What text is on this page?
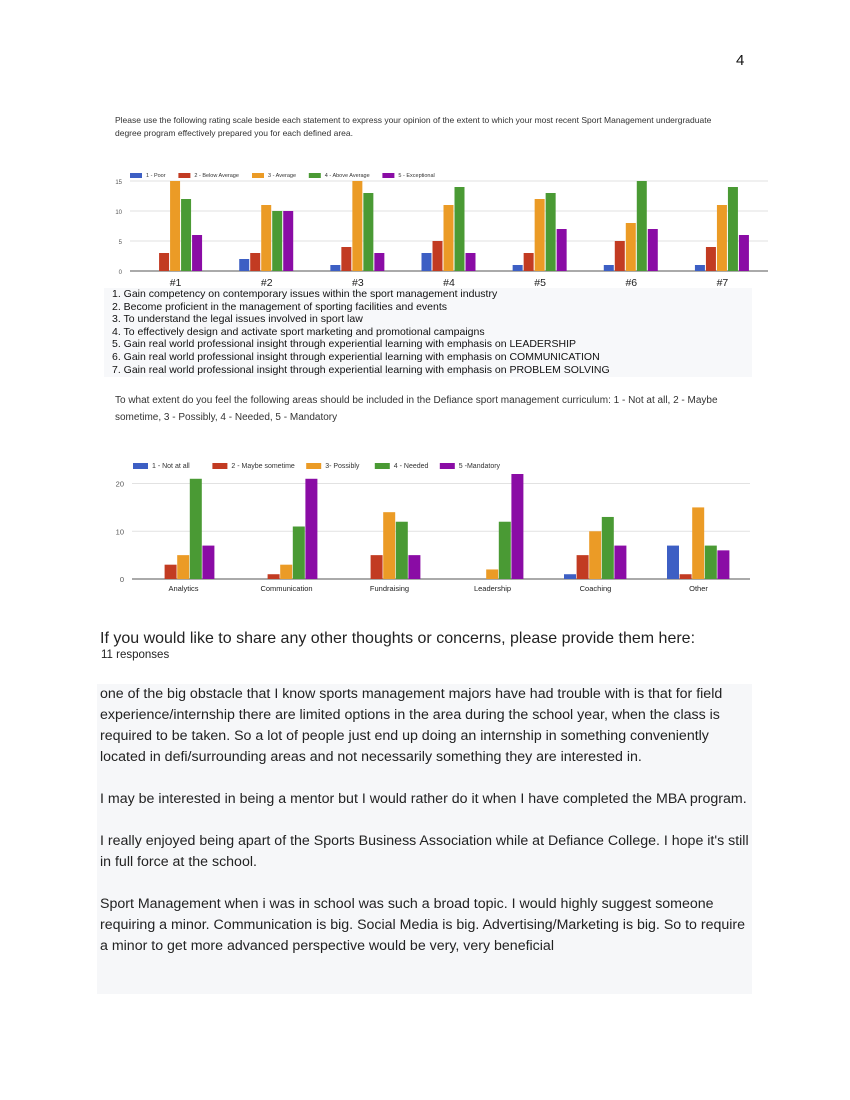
4
Please use the following rating scale beside each statement to express your opinion of the extent to which your most recent Sport Management undergraduate degree program effectively prepared you for each defined area.
0
5
10
15
1 - Poor	2 - Below Average	3 - Average	4 - Above Average	5 - Exceptional
#1	#2	#3	#4	#5	#6	#7
1. Gain competency on contemporary issues within the sport management industry
2. Become proficient in the management of sporting facilities and events
3. To understand the legal issues involved in sport law
4. To effectively design and activate sport marketing and promotional campaigns
5. Gain real world professional insight through experiential learning with emphasis on LEADERSHIP
6. Gain real world professional insight through experiential learning with emphasis on COMMUNICATION
7. Gain real world professional insight through experiential learning with emphasis on PROBLEM SOLVING
To what extent do you feel the following areas should be included in the Defiance sport management curriculum: 1 - Not at all, 2 - Maybe sometime, 3 - Possibly, 4 - Needed, 5 - Mandatory
0
10
20
1 - Not at all	2 - Maybe sometime	3- Possibly	4 - Needed	5 -Mandatory
Analytics	Communication	Fundraising	Leadership	Coaching	Other
If you would like to share any other thoughts or concerns, please provide them here:
11 responses

one of the big obstacle that I know sports management majors have had trouble with is that for field experience/internship there are limited options in the area during the school year, when the class is required to be taken. So a lot of people just end up doing an internship in something conveniently located in defi/surrounding areas and not necessarily something they are interested in.

I may be interested in being a mentor but I would rather do it when I have completed the MBA program.

I really enjoyed being apart of the Sports Business Association while at Defiance College. I hope it's still in full force at the school.

Sport Management when i was in school was such a broad topic. I would highly suggest someone requiring a minor. Communication is big. Social Media is big. Advertising/Marketing is big. So to require a minor to get more advanced perspective would be very, very beneficial
